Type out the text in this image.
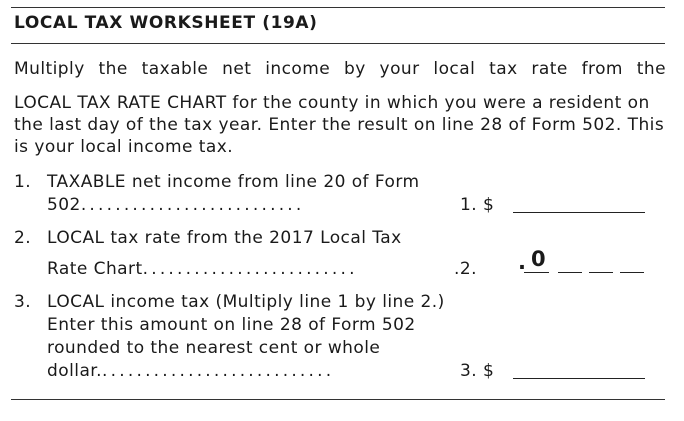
LOCAL TAX WORKSHEET (19A)

Multiply the taxable net income by your local tax rate from the

LOCAL TAX RATE CHART for the county in which you were a resident on the last day of the tax year. Enter the result on line 28 of Form 502. This is your local income tax.

1. TAXABLE net income from line 20 of Form
502..........................	1. $
2. LOCAL tax rate from the 2017 Local Tax
Rate Chart.........................	.2. . 0
3. LOCAL income tax (Multiply line 1 by line 2.)
Enter this amount on line 28 of Form 502
rounded to the nearest cent or whole
dollar............................	3. $
